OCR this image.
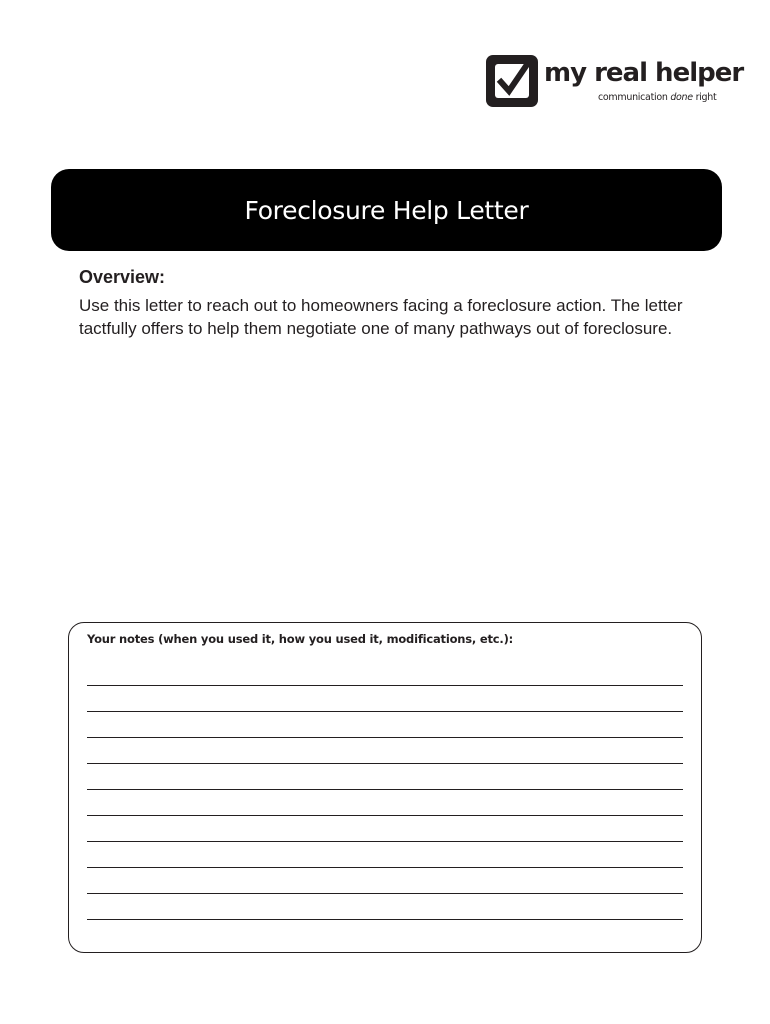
my real helper
communication done right
Foreclosure Help Letter
Overview:
Use this letter to reach out to homeowners facing a foreclosure action. The letter tactfully offers to help them negotiate one of many pathways out of foreclosure.
Your notes (when you used it, how you used it, modifications, etc.):
